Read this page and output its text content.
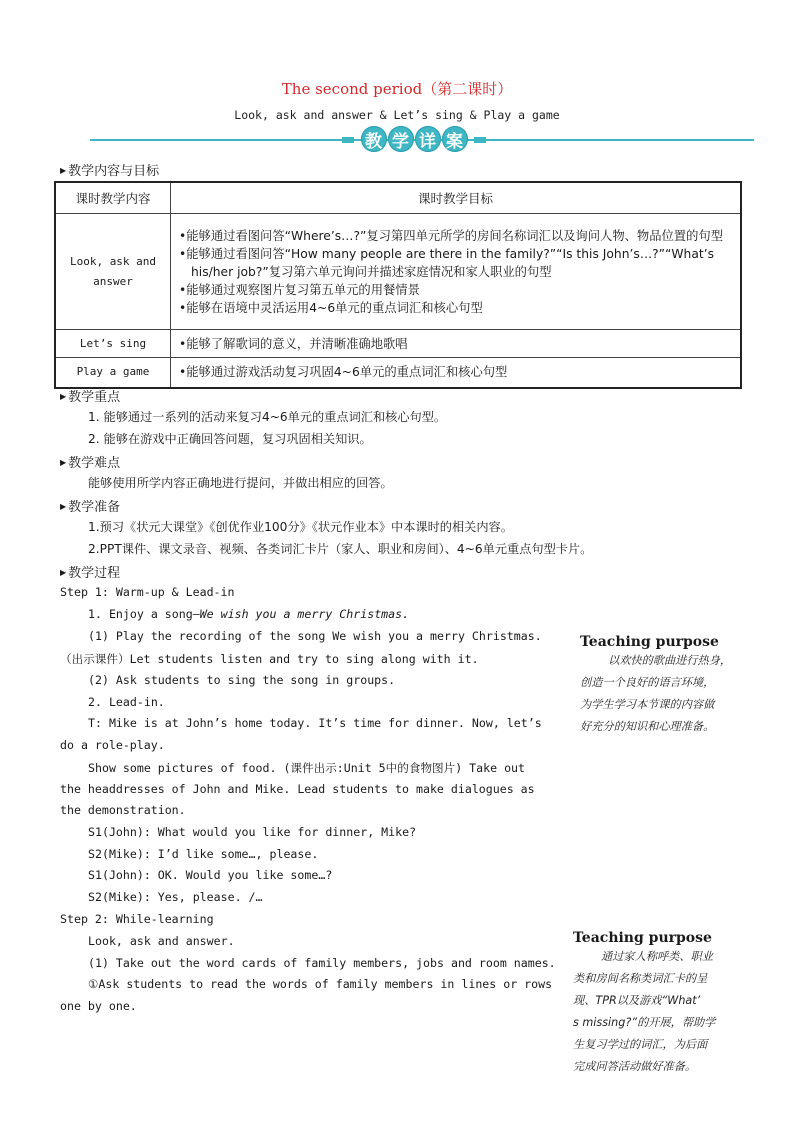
The second period（第二课时）
Look, ask and answer & Let’s sing & Play a game
教 学 详 案
▶ 教学内容与目标
课时教学内容	课时教学目标
Look, ask and answer	•能够通过看图问答“Where’s…?”复习第四单元所学的房间名称词汇以及询问人物、物品位置的句型
•能够通过看图问答“How many people are there in the family?”“Is this John’s…?”“What’s his/her job?”复习第六单元询问并描述家庭情况和家人职业的句型
•能够通过观察图片复习第五单元的用餐情景
•能够在语境中灵活运用4~6单元的重点词汇和核心句型

Let’s sing	•能够了解歌词的意义，并清晰准确地歌唱

Play a game	•能够通过游戏活动复习巩固4~6单元的重点词汇和核心句型
▶ 教学重点
1. 能够通过一系列的活动来复习4~6单元的重点词汇和核心句型。
2. 能够在游戏中正确回答问题，复习巩固相关知识。
▶ 教学难点
能够使用所学内容正确地进行提问，并做出相应的回答。
▶ 教学准备
1.预习《状元大课堂》《创优作业100分》《状元作业本》中本课时的相关内容。
2.PPT课件、课文录音、视频、各类词汇卡片（家人、职业和房间）、4~6单元重点句型卡片。
▶ 教学过程
Step 1: Warm-up & Lead-in
1. Enjoy a song—We wish you a merry Christmas.
(1) Play the recording of the song We wish you a merry Christmas.
（出示课件）Let students listen and try to sing along with it.
(2) Ask students to sing the song in groups.
2. Lead-in.
T: Mike is at John’s home today. It’s time for dinner. Now, let’s
do a role-play.
Show some pictures of food. (课件出示:Unit 5中的食物图片) Take out
the headdresses of John and Mike. Lead students to make dialogues as
the demonstration.
S1(John): What would you like for dinner, Mike?
S2(Mike): I’d like some…, please.
S1(John): OK. Would you like some…?
S2(Mike): Yes, please. /…
Step 2: While-learning
Look, ask and answer.
(1) Take out the word cards of family members, jobs and room names.
①Ask students to read the words of family members in lines or rows
one by one.
Teaching purpose
以欢快的歌曲进行热身，
创造一个良好的语言环境，
为学生学习本节课的内容做
好充分的知识和心理准备。
Teaching purpose
通过家人称呼类、职业
类和房间名称类词汇卡的呈
现、TPR以及游戏“What’
s missing?”的开展，帮助学
生复习学过的词汇，为后面
完成问答活动做好准备。
